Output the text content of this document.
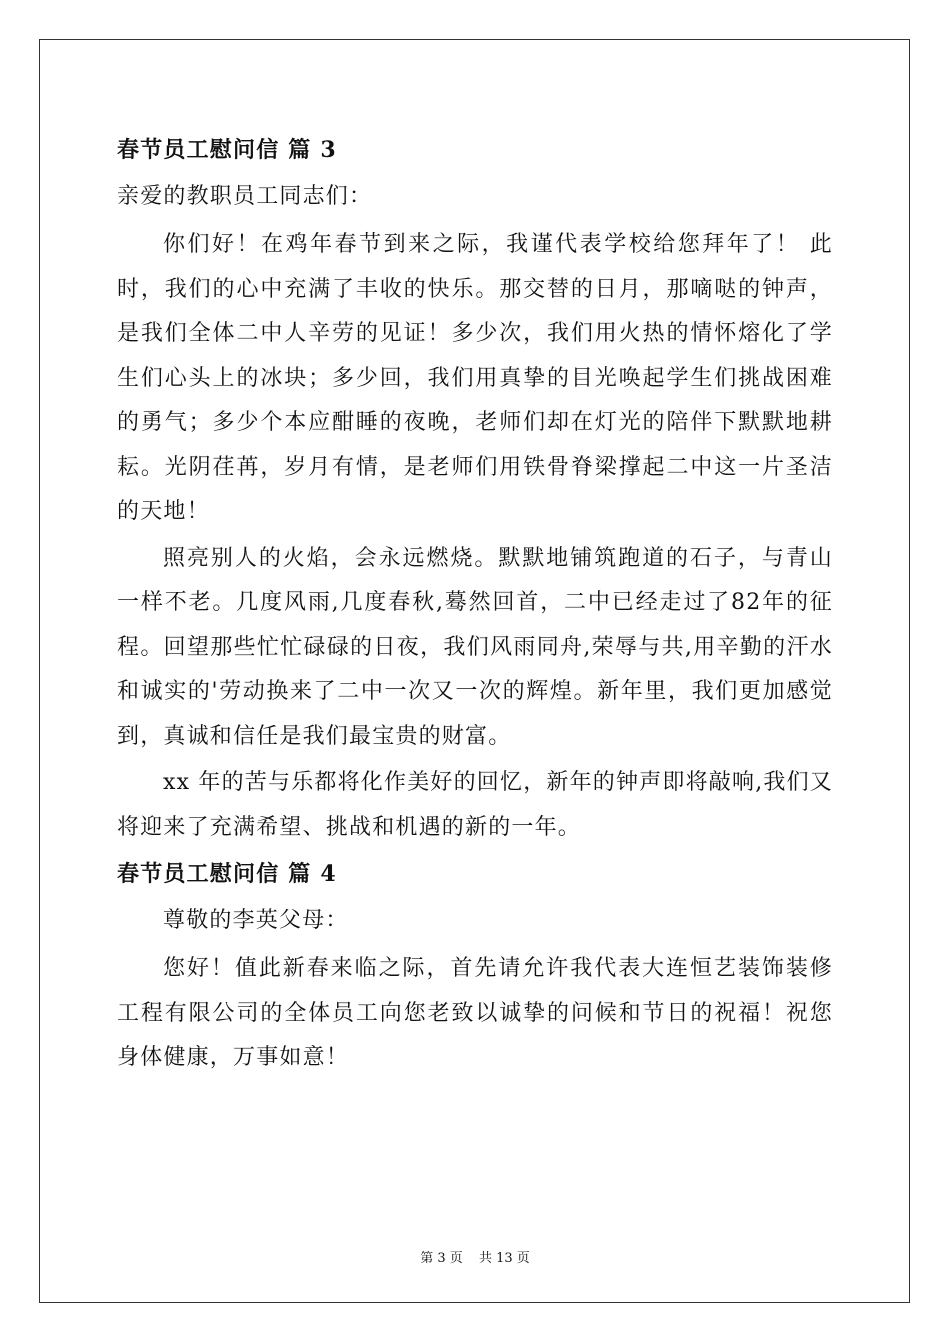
春节员工慰问信 篇 3

亲爱的教职员工同志们：

你们好！在鸡年春节到来之际，我谨代表学校给您拜年了！ 此时，我们的心中充满了丰收的快乐。那交替的日月，那嘀哒的钟声，是我们全体二中人辛劳的见证！多少次，我们用火热的情怀熔化了学生们心头上的冰块；多少回，我们用真挚的目光唤起学生们挑战困难的勇气；多少个本应酣睡的夜晚，老师们却在灯光的陪伴下默默地耕耘。光阴荏苒，岁月有情，是老师们用铁骨脊梁撑起二中这一片圣洁的天地！

照亮别人的火焰，会永远燃烧。默默地铺筑跑道的石子，与青山一样不老。几度风雨,几度春秋,蓦然回首，二中已经走过了82年的征程。回望那些忙忙碌碌的日夜，我们风雨同舟,荣辱与共,用辛勤的汗水和诚实的'劳动换来了二中一次又一次的辉煌。新年里，我们更加感觉到，真诚和信任是我们最宝贵的财富。

xx 年的苦与乐都将化作美好的回忆，新年的钟声即将敲响,我们又将迎来了充满希望、挑战和机遇的新的一年。

春节员工慰问信 篇 4

尊敬的李英父母：

您好！值此新春来临之际，首先请允许我代表大连恒艺装饰装修工程有限公司的全体员工向您老致以诚挚的问候和节日的祝福！祝您身体健康，万事如意！

第 3 页 共 13 页
